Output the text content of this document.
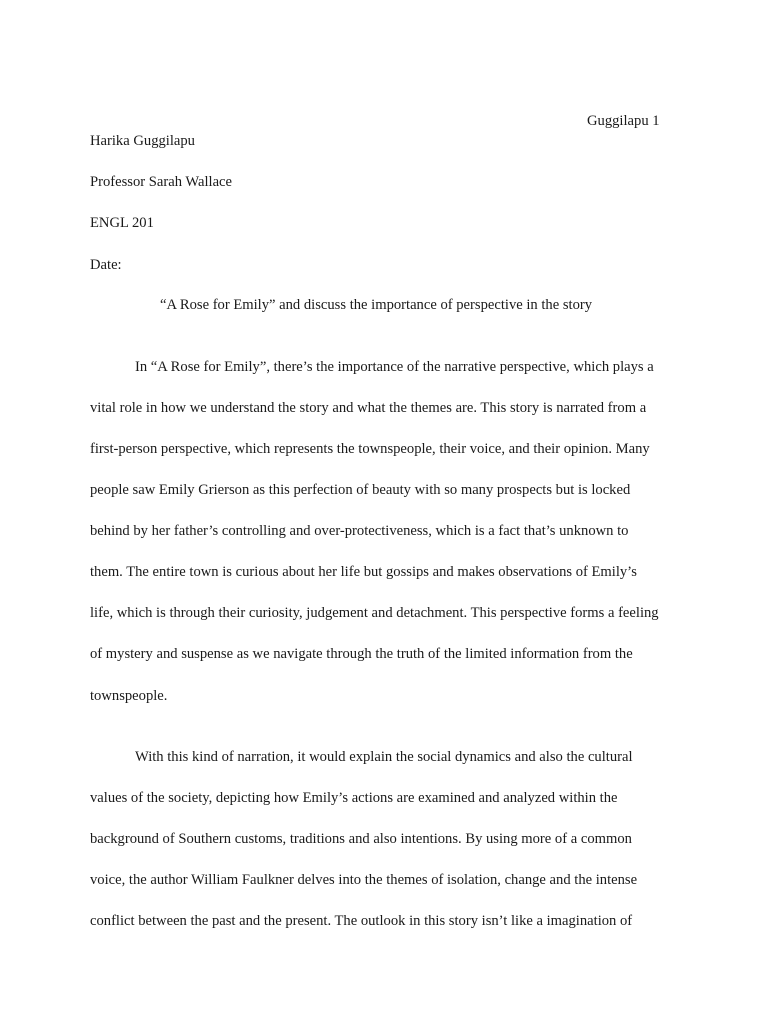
Guggilapu 1
Harika Guggilapu
Professor Sarah Wallace
ENGL 201
Date:
“A Rose for Emily” and discuss the importance of perspective in the story
In “A Rose for Emily”, there’s the importance of the narrative perspective, which plays a
vital role in how we understand the story and what the themes are. This story is narrated from a
first-person perspective, which represents the townspeople, their voice, and their opinion. Many
people saw Emily Grierson as this perfection of beauty with so many prospects but is locked
behind by her father’s controlling and over-protectiveness, which is a fact that’s unknown to
them. The entire town is curious about her life but gossips and makes observations of Emily’s
life, which is through their curiosity, judgement and detachment. This perspective forms a feeling
of mystery and suspense as we navigate through the truth of the limited information from the
townspeople.
With this kind of narration, it would explain the social dynamics and also the cultural
values of the society, depicting how Emily’s actions are examined and analyzed within the
background of Southern customs, traditions and also intentions. By using more of a common
voice, the author William Faulkner delves into the themes of isolation, change and the intense
conflict between the past and the present. The outlook in this story isn’t like a imagination of
